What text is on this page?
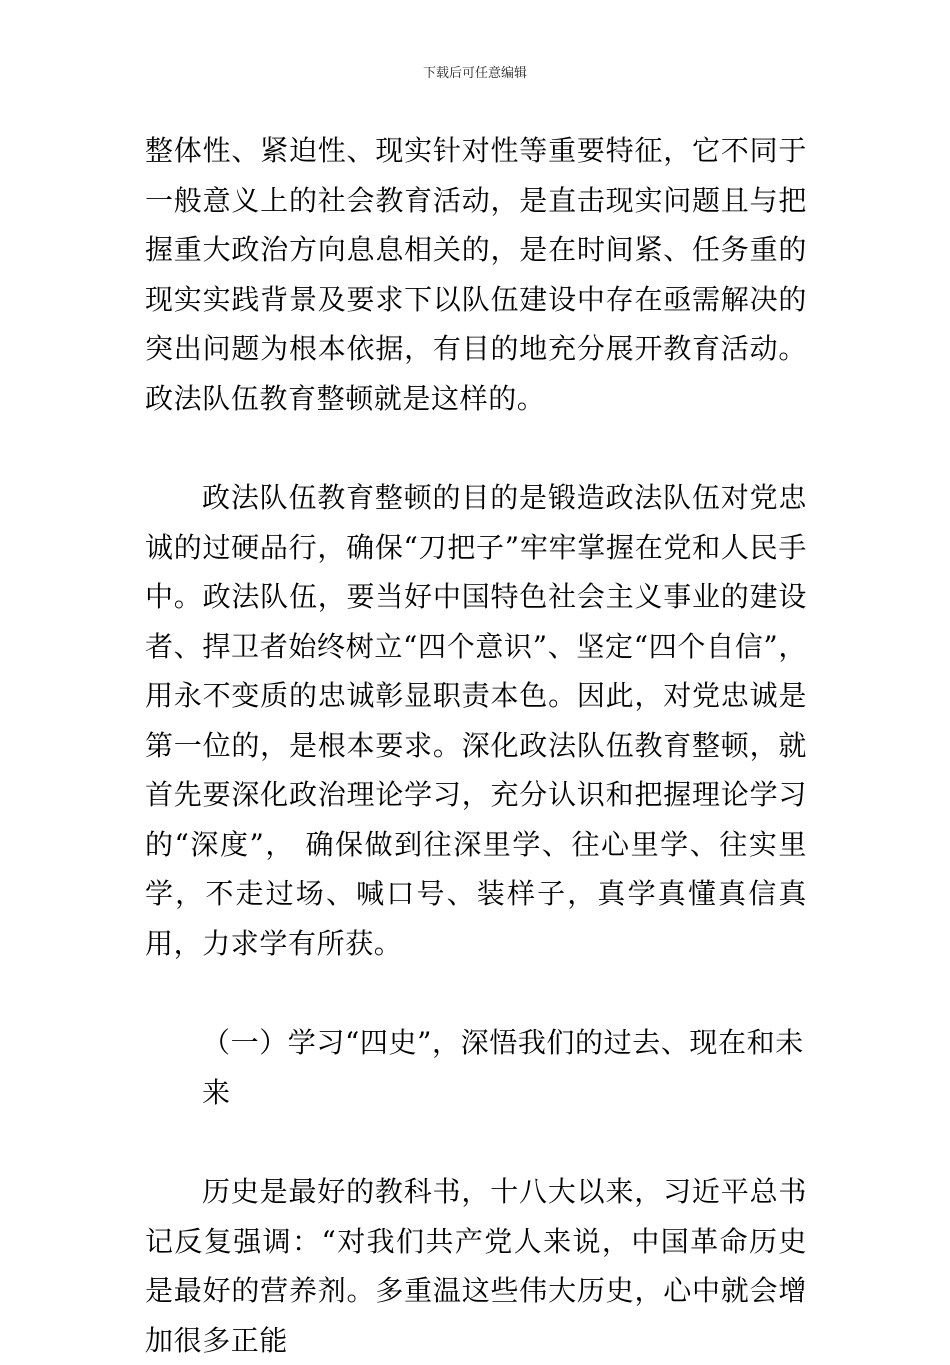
下载后可任意编辑

整体性、紧迫性、现实针对性等重要特征，它不同于一般意义上的社会教育活动，是直击现实问题且与把握重大政治方向息息相关的，是在时间紧、任务重的现实实践背景及要求下以队伍建设中存在亟需解决的突出问题为根本依据，有目的地充分展开教育活动。政法队伍教育整顿就是这样的。

政法队伍教育整顿的目的是锻造政法队伍对党忠诚的过硬品行，确保“刀把子”牢牢掌握在党和人民手中。政法队伍，要当好中国特色社会主义事业的建设者、捍卫者始终树立“四个意识”、坚定“四个自信”，用永不变质的忠诚彰显职责本色。因此，对党忠诚是第一位的，是根本要求。深化政法队伍教育整顿，就首先要深化政治理论学习，充分认识和把握理论学习的“深度”， 确保做到往深里学、往心里学、往实里学，不走过场、喊口号、装样子，真学真懂真信真用，力求学有所获。

（一）学习“四史”，深悟我们的过去、现在和未来

历史是最好的教科书，十八大以来，习近平总书记反复强调：“对我们共产党人来说，中国革命历史是最好的营养剂。多重温这些伟大历史，心中就会增加很多正能
